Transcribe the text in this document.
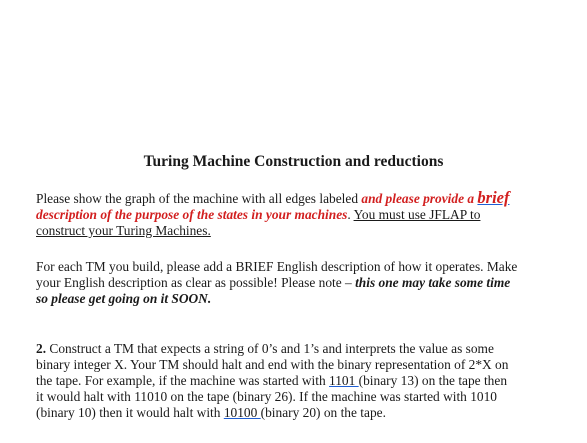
Turing Machine Construction and reductions

Please show the graph of the machine with all edges labeled and please provide a brief
description of the purpose of the states in your machines. You must use JFLAP to
construct your Turing Machines.

For each TM you build, please add a BRIEF English description of how it operates. Make
your English description as clear as possible! Please note – this one may take some time
so please get going on it SOON.

2. Construct a TM that expects a string of 0’s and 1’s and interprets the value as some
binary integer X. Your TM should halt and end with the binary representation of 2*X on
the tape. For example, if the machine was started with 1101 (binary 13) on the tape then
it would halt with 11010 on the tape (binary 26). If the machine was started with 1010
(binary 10) then it would halt with 10100 (binary 20) on the tape.
